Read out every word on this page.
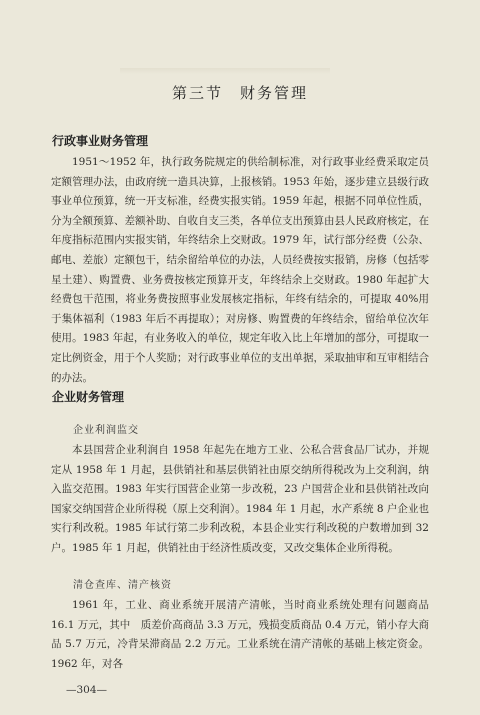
第三节　财务管理
行政事业财务管理
1951～1952 年，执行政务院规定的供给制标准，对行政事业经费采取定员定额管理办法，由政府统一造具决算，上报核销。1953 年始，逐步建立县级行政事业单位预算，统一开支标准，经费实报实销。1959 年起，根据不同单位性质，分为全额预算、差额补助、自收自支三类，各单位支出预算由县人民政府核定，在年度指标范围内实报实销，年终结余上交财政。1979 年，试行部分经费（公杂、邮电、差旅）定额包干，结余留给单位的办法，人员经费按实报销，房修（包括零星土建）、购置费、业务费按核定预算开支，年终结余上交财政。1980 年起扩大经费包干范围，将业务费按照事业发展核定指标，年终有结余的，可提取 40%用于集体福利（1983 年后不再提取）；对房修、购置费的年终结余，留给单位次年使用。1983 年起，有业务收入的单位，规定年收入比上年增加的部分，可提取一定比例资金，用于个人奖励；对行政事业单位的支出单据，采取抽审和互审相结合的办法。
企业财务管理
企业利润监交
本县国营企业利润自 1958 年起先在地方工业、公私合营食品厂试办，并规定从 1958 年 1 月起，县供销社和基层供销社由原交纳所得税改为上交利润，纳入监交范围。1983 年实行国营企业第一步改税，23 户国营企业和县供销社改向国家交纳国营企业所得税（原上交利润）。1984 年 1 月起，水产系统 8 户企业也实行利改税。1985 年试行第二步利改税，本县企业实行利改税的户数增加到 32 户。1985 年 1 月起，供销社由于经济性质改变，又改交集体企业所得税。
清仓查库、清产核资
1961 年，工业、商业系统开展清产清帐，当时商业系统处理有问题商品 16.1 万元，其中　质差价高商品 3.3 万元，残损变质商品 0.4 万元，销小存大商品 5.7 万元，冷背呆滞商品 2.2 万元。工业系统在清产清帐的基础上核定资金。1962 年，对各
—304—
